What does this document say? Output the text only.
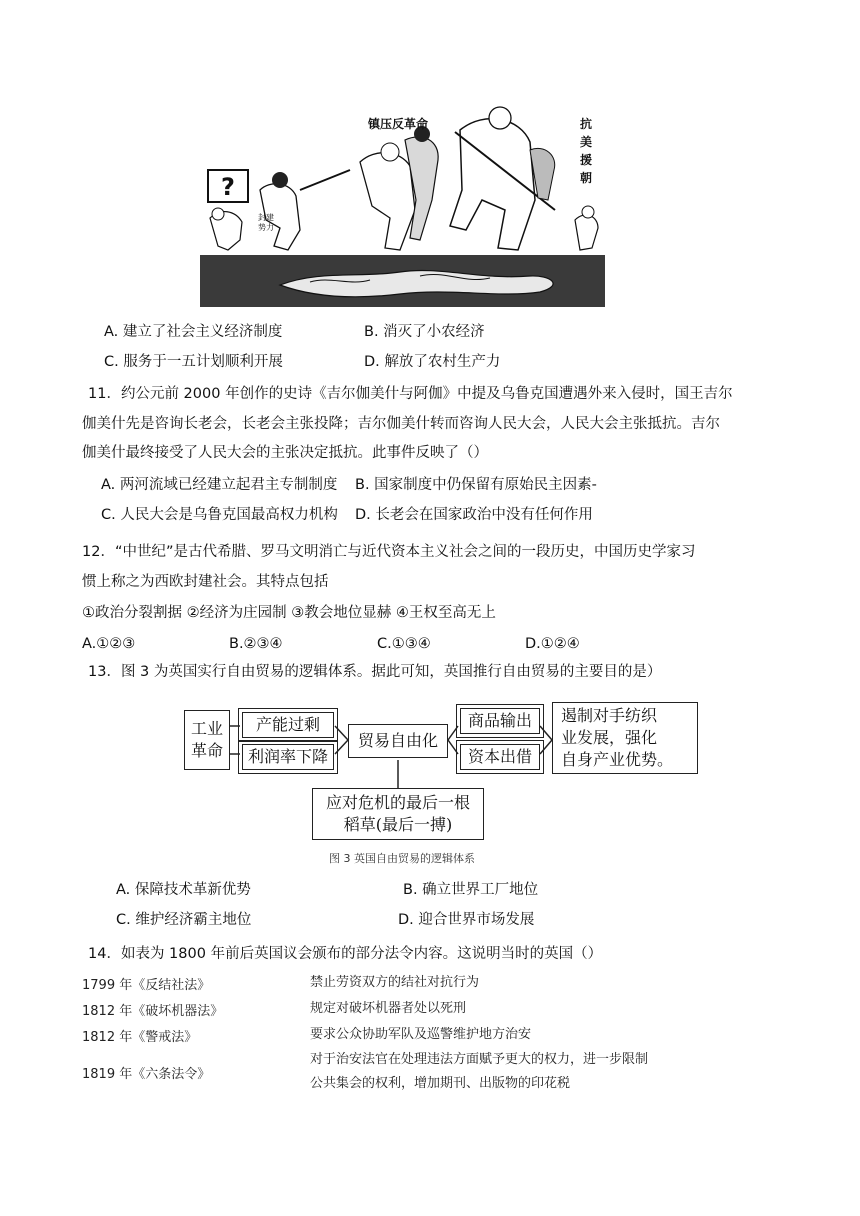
?
封建 势力
镇压反革命	抗 美 援 朝
A. 建立了社会主义经济制度	B. 消灭了小农经济
C. 服务于一五计划顺利开展	D. 解放了农村生产力
11．约公元前 2000 年创作的史诗《吉尔伽美什与阿伽》中提及乌鲁克国遭遇外来入侵时，国王吉尔
伽美什先是咨询长老会，长老会主张投降；吉尔伽美什转而咨询人民大会，人民大会主张抵抗。吉尔
伽美什最终接受了人民大会的主张决定抵抗。此事件反映了（）
A. 两河流域已经建立起君主专制制度 B. 国家制度中仍保留有原始民主因素-
C. 人民大会是乌鲁克国最高权力机构 D. 长老会在国家政治中没有任何作用
12．“中世纪”是古代希腊、罗马文明消亡与近代资本主义社会之间的一段历史，中国历史学家习
惯上称之为西欧封建社会。其特点包括
①政治分裂割据 ②经济为庄园制 ③教会地位显赫 ④王权至高无上
A.①②③	B.②③④	C.①③④	D.①②④
13．图 3 为英国实行自由贸易的逻辑体系。据此可知，英国推行自由贸易的主要目的是）
工业
革命
产能过剩
利润率下降
贸易自由化
商品输出
资本出借
遏制对手纺织
业发展，强化
自身产业优势。
应对危机的最后一根
稻草(最后一搏)
图 3 英国自由贸易的逻辑体系
A. 保障技术革新优势	B. 确立世界工厂地位
C. 维护经济霸主地位	D. 迎合世界市场发展
14．如表为 1800 年前后英国议会颁布的部分法令内容。这说明当时的英国（）
1799 年《反结社法》	禁止劳资双方的结社对抗行为
1812 年《破坏机器法》	规定对破坏机器者处以死刑
1812 年《警戒法》	要求公众协助军队及巡警维护地方治安
1819 年《六条法令》	对于治安法官在处理违法方面赋予更大的权力，进一步限制
公共集会的权利，增加期刊、出版物的印花税
